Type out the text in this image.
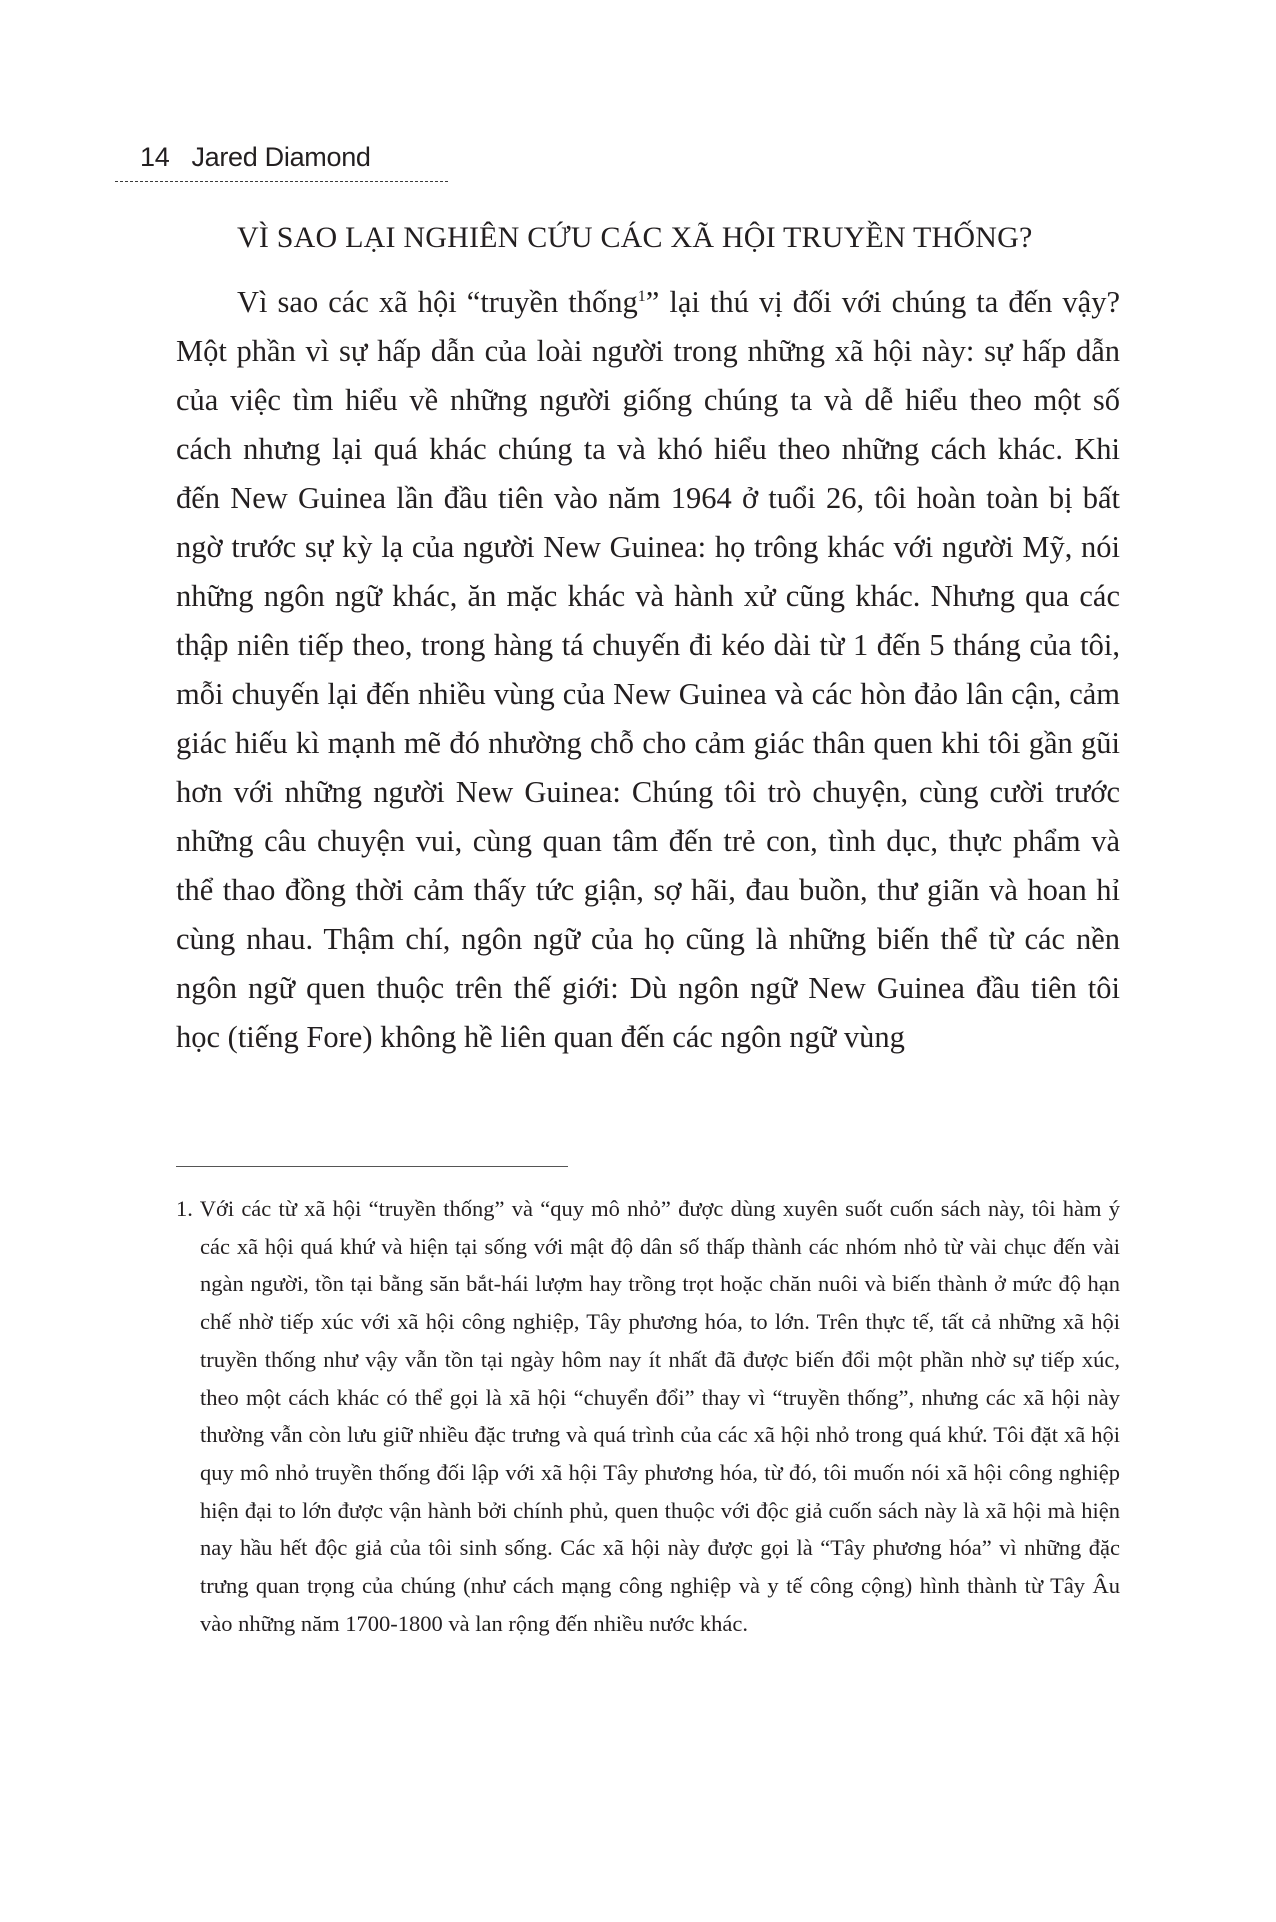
14 Jared Diamond
VÌ SAO LẠI NGHIÊN CỨU CÁC XÃ HỘI TRUYỀN THỐNG?

Vì sao các xã hội “truyền thống$^1$” lại thú vị đối với chúng ta đến vậy? Một phần vì sự hấp dẫn của loài người trong những xã hội này: sự hấp dẫn của việc tìm hiểu về những người giống chúng ta và dễ hiểu theo một số cách nhưng lại quá khác chúng ta và khó hiểu theo những cách khác. Khi đến New Guinea lần đầu tiên vào năm 1964 ở tuổi 26, tôi hoàn toàn bị bất ngờ trước sự kỳ lạ của người New Guinea: họ trông khác với người Mỹ, nói những ngôn ngữ khác, ăn mặc khác và hành xử cũng khác. Nhưng qua các thập niên tiếp theo, trong hàng tá chuyến đi kéo dài từ 1 đến 5 tháng của tôi, mỗi chuyến lại đến nhiều vùng của New Guinea và các hòn đảo lân cận, cảm giác hiếu kì mạnh mẽ đó nhường chỗ cho cảm giác thân quen khi tôi gần gũi hơn với những người New Guinea: Chúng tôi trò chuyện, cùng cười trước những câu chuyện vui, cùng quan tâm đến trẻ con, tình dục, thực phẩm và thể thao đồng thời cảm thấy tức giận, sợ hãi, đau buồn, thư giãn và hoan hỉ cùng nhau. Thậm chí, ngôn ngữ của họ cũng là những biến thể từ các nền ngôn ngữ quen thuộc trên thế giới: Dù ngôn ngữ New Guinea đầu tiên tôi học (tiếng Fore) không hề liên quan đến các ngôn ngữ vùng

1. Với các từ xã hội “truyền thống” và “quy mô nhỏ” được dùng xuyên suốt cuốn sách này, tôi hàm ý các xã hội quá khứ và hiện tại sống với mật độ dân số thấp thành các nhóm nhỏ từ vài chục đến vài ngàn người, tồn tại bằng săn bắt-hái lượm hay trồng trọt hoặc chăn nuôi và biến thành ở mức độ hạn chế nhờ tiếp xúc với xã hội công nghiệp, Tây phương hóa, to lớn. Trên thực tế, tất cả những xã hội truyền thống như vậy vẫn tồn tại ngày hôm nay ít nhất đã được biến đổi một phần nhờ sự tiếp xúc, theo một cách khác có thể gọi là xã hội “chuyển đổi” thay vì “truyền thống”, nhưng các xã hội này thường vẫn còn lưu giữ nhiều đặc trưng và quá trình của các xã hội nhỏ trong quá khứ. Tôi đặt xã hội quy mô nhỏ truyền thống đối lập với xã hội Tây phương hóa, từ đó, tôi muốn nói xã hội công nghiệp hiện đại to lớn được vận hành bởi chính phủ, quen thuộc với độc giả cuốn sách này là xã hội mà hiện nay hầu hết độc giả của tôi sinh sống. Các xã hội này được gọi là “Tây phương hóa” vì những đặc trưng quan trọng của chúng (như cách mạng công nghiệp và y tế công cộng) hình thành từ Tây Âu vào những năm 1700-1800 và lan rộng đến nhiều nước khác.
